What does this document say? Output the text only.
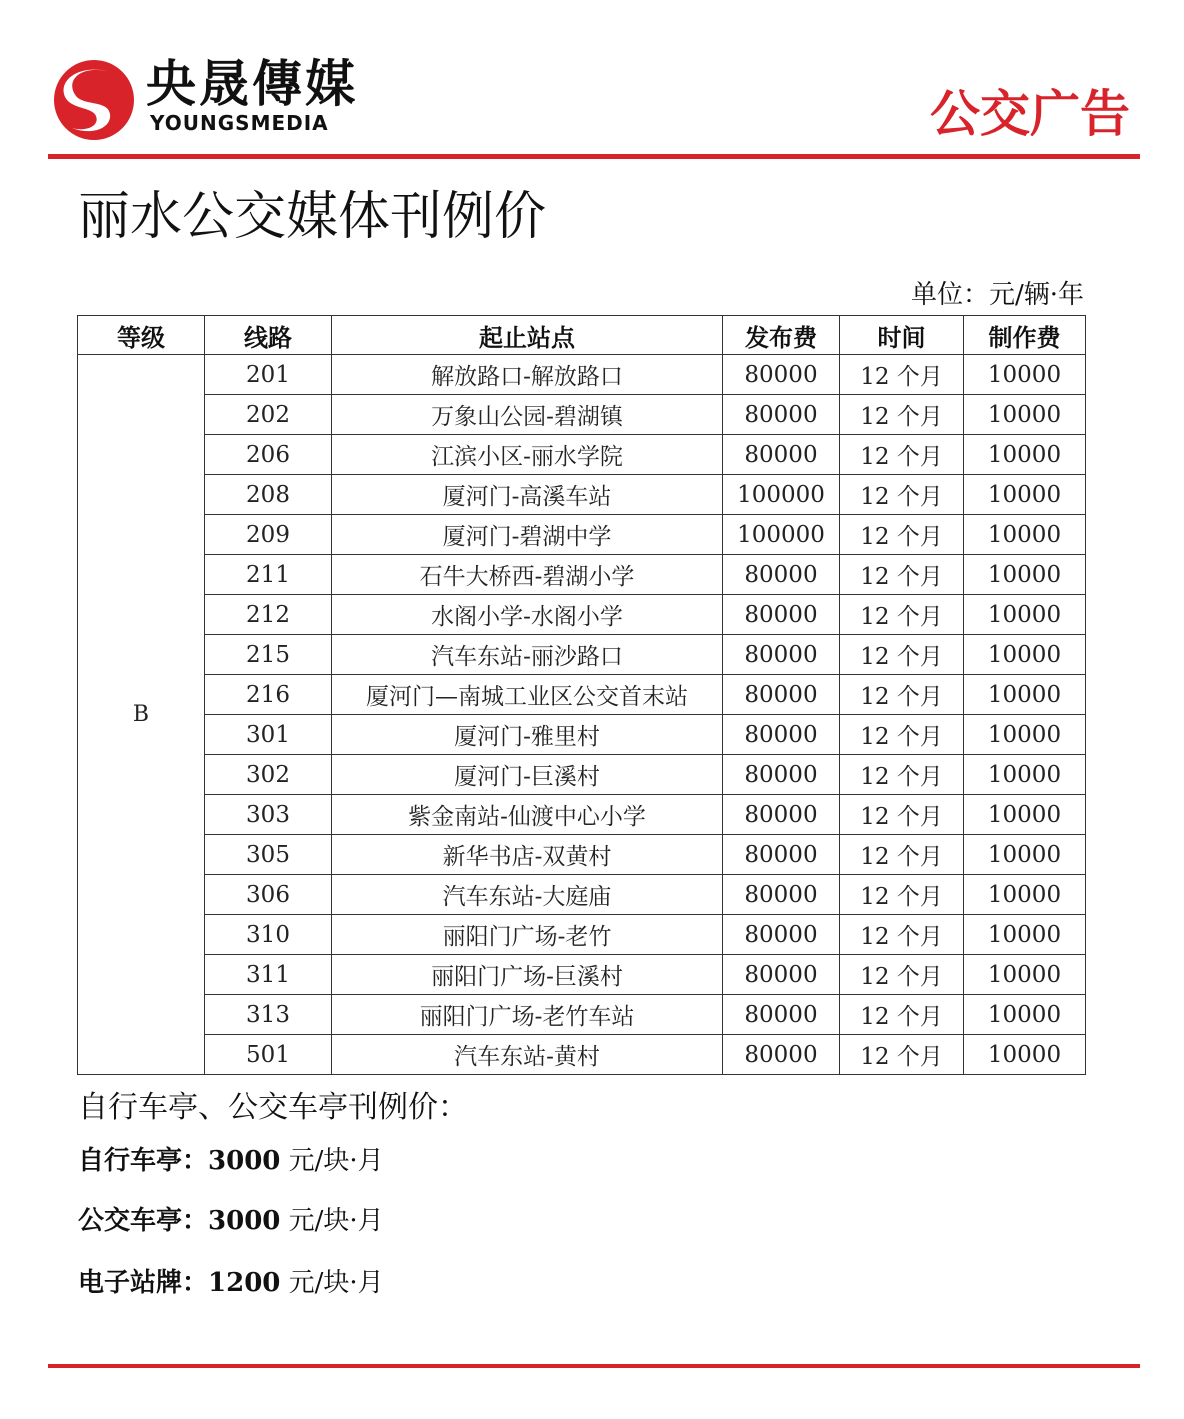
央晟傳媒
YOUNGSMEDIA	公交广告
丽水公交媒体刊例价
单位：元/辆·年
等级	线路	起止站点	发布费	时间	制作费
B	201	解放路口-解放路口	80000	12 个月	10000
	202	万象山公园-碧湖镇	80000	12 个月	10000
	206	江滨小区-丽水学院	80000	12 个月	10000
	208	厦河门-高溪车站	100000	12 个月	10000
	209	厦河门-碧湖中学	100000	12 个月	10000
	211	石牛大桥西-碧湖小学	80000	12 个月	10000
	212	水阁小学-水阁小学	80000	12 个月	10000
	215	汽车东站-丽沙路口	80000	12 个月	10000
	216	厦河门—南城工业区公交首末站	80000	12 个月	10000
	301	厦河门-雅里村	80000	12 个月	10000
	302	厦河门-巨溪村	80000	12 个月	10000
	303	紫金南站-仙渡中心小学	80000	12 个月	10000
	305	新华书店-双黄村	80000	12 个月	10000
	306	汽车东站-大庭庙	80000	12 个月	10000
	310	丽阳门广场-老竹	80000	12 个月	10000
	311	丽阳门广场-巨溪村	80000	12 个月	10000
	313	丽阳门广场-老竹车站	80000	12 个月	10000
	501	汽车东站-黄村	80000	12 个月	10000
自行车亭、公交车亭刊例价：
自行车亭：3000 元/块·月
公交车亭：3000 元/块·月
电子站牌：1200 元/块·月
